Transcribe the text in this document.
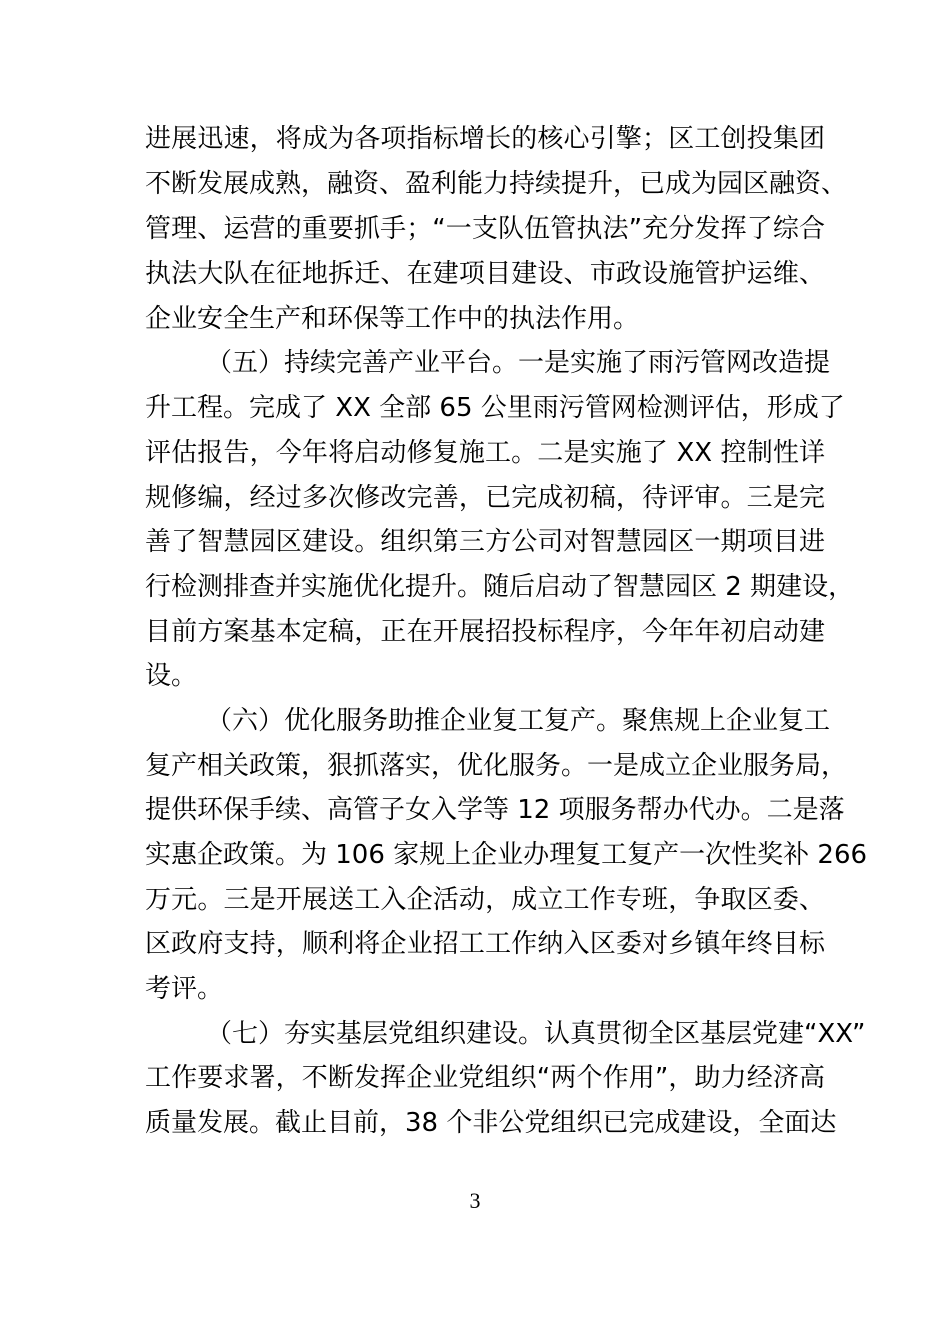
进展迅速，将成为各项指标增长的核心引擎；区工创投集团
不断发展成熟，融资、盈利能力持续提升，已成为园区融资、
管理、运营的重要抓手；“一支队伍管执法”充分发挥了综合
执法大队在征地拆迁、在建项目建设、市政设施管护运维、
企业安全生产和环保等工作中的执法作用。
（五）持续完善产业平台。一是实施了雨污管网改造提
升工程。完成了 XX 全部 65 公里雨污管网检测评估，形成了
评估报告，今年将启动修复施工。二是实施了 XX 控制性详
规修编，经过多次修改完善，已完成初稿，待评审。三是完
善了智慧园区建设。组织第三方公司对智慧园区一期项目进
行检测排查并实施优化提升。随后启动了智慧园区 2 期建设，
目前方案基本定稿，正在开展招投标程序，今年年初启动建
设。
（六）优化服务助推企业复工复产。聚焦规上企业复工
复产相关政策，狠抓落实，优化服务。一是成立企业服务局，
提供环保手续、高管子女入学等 12 项服务帮办代办。二是落
实惠企政策。为 106 家规上企业办理复工复产一次性奖补 266
万元。三是开展送工入企活动，成立工作专班，争取区委、
区政府支持，顺利将企业招工工作纳入区委对乡镇年终目标
考评。
（七）夯实基层党组织建设。认真贯彻全区基层党建“XX”
工作要求署，不断发挥企业党组织“两个作用”，助力经济高
质量发展。截止目前，38 个非公党组织已完成建设，全面达
3
